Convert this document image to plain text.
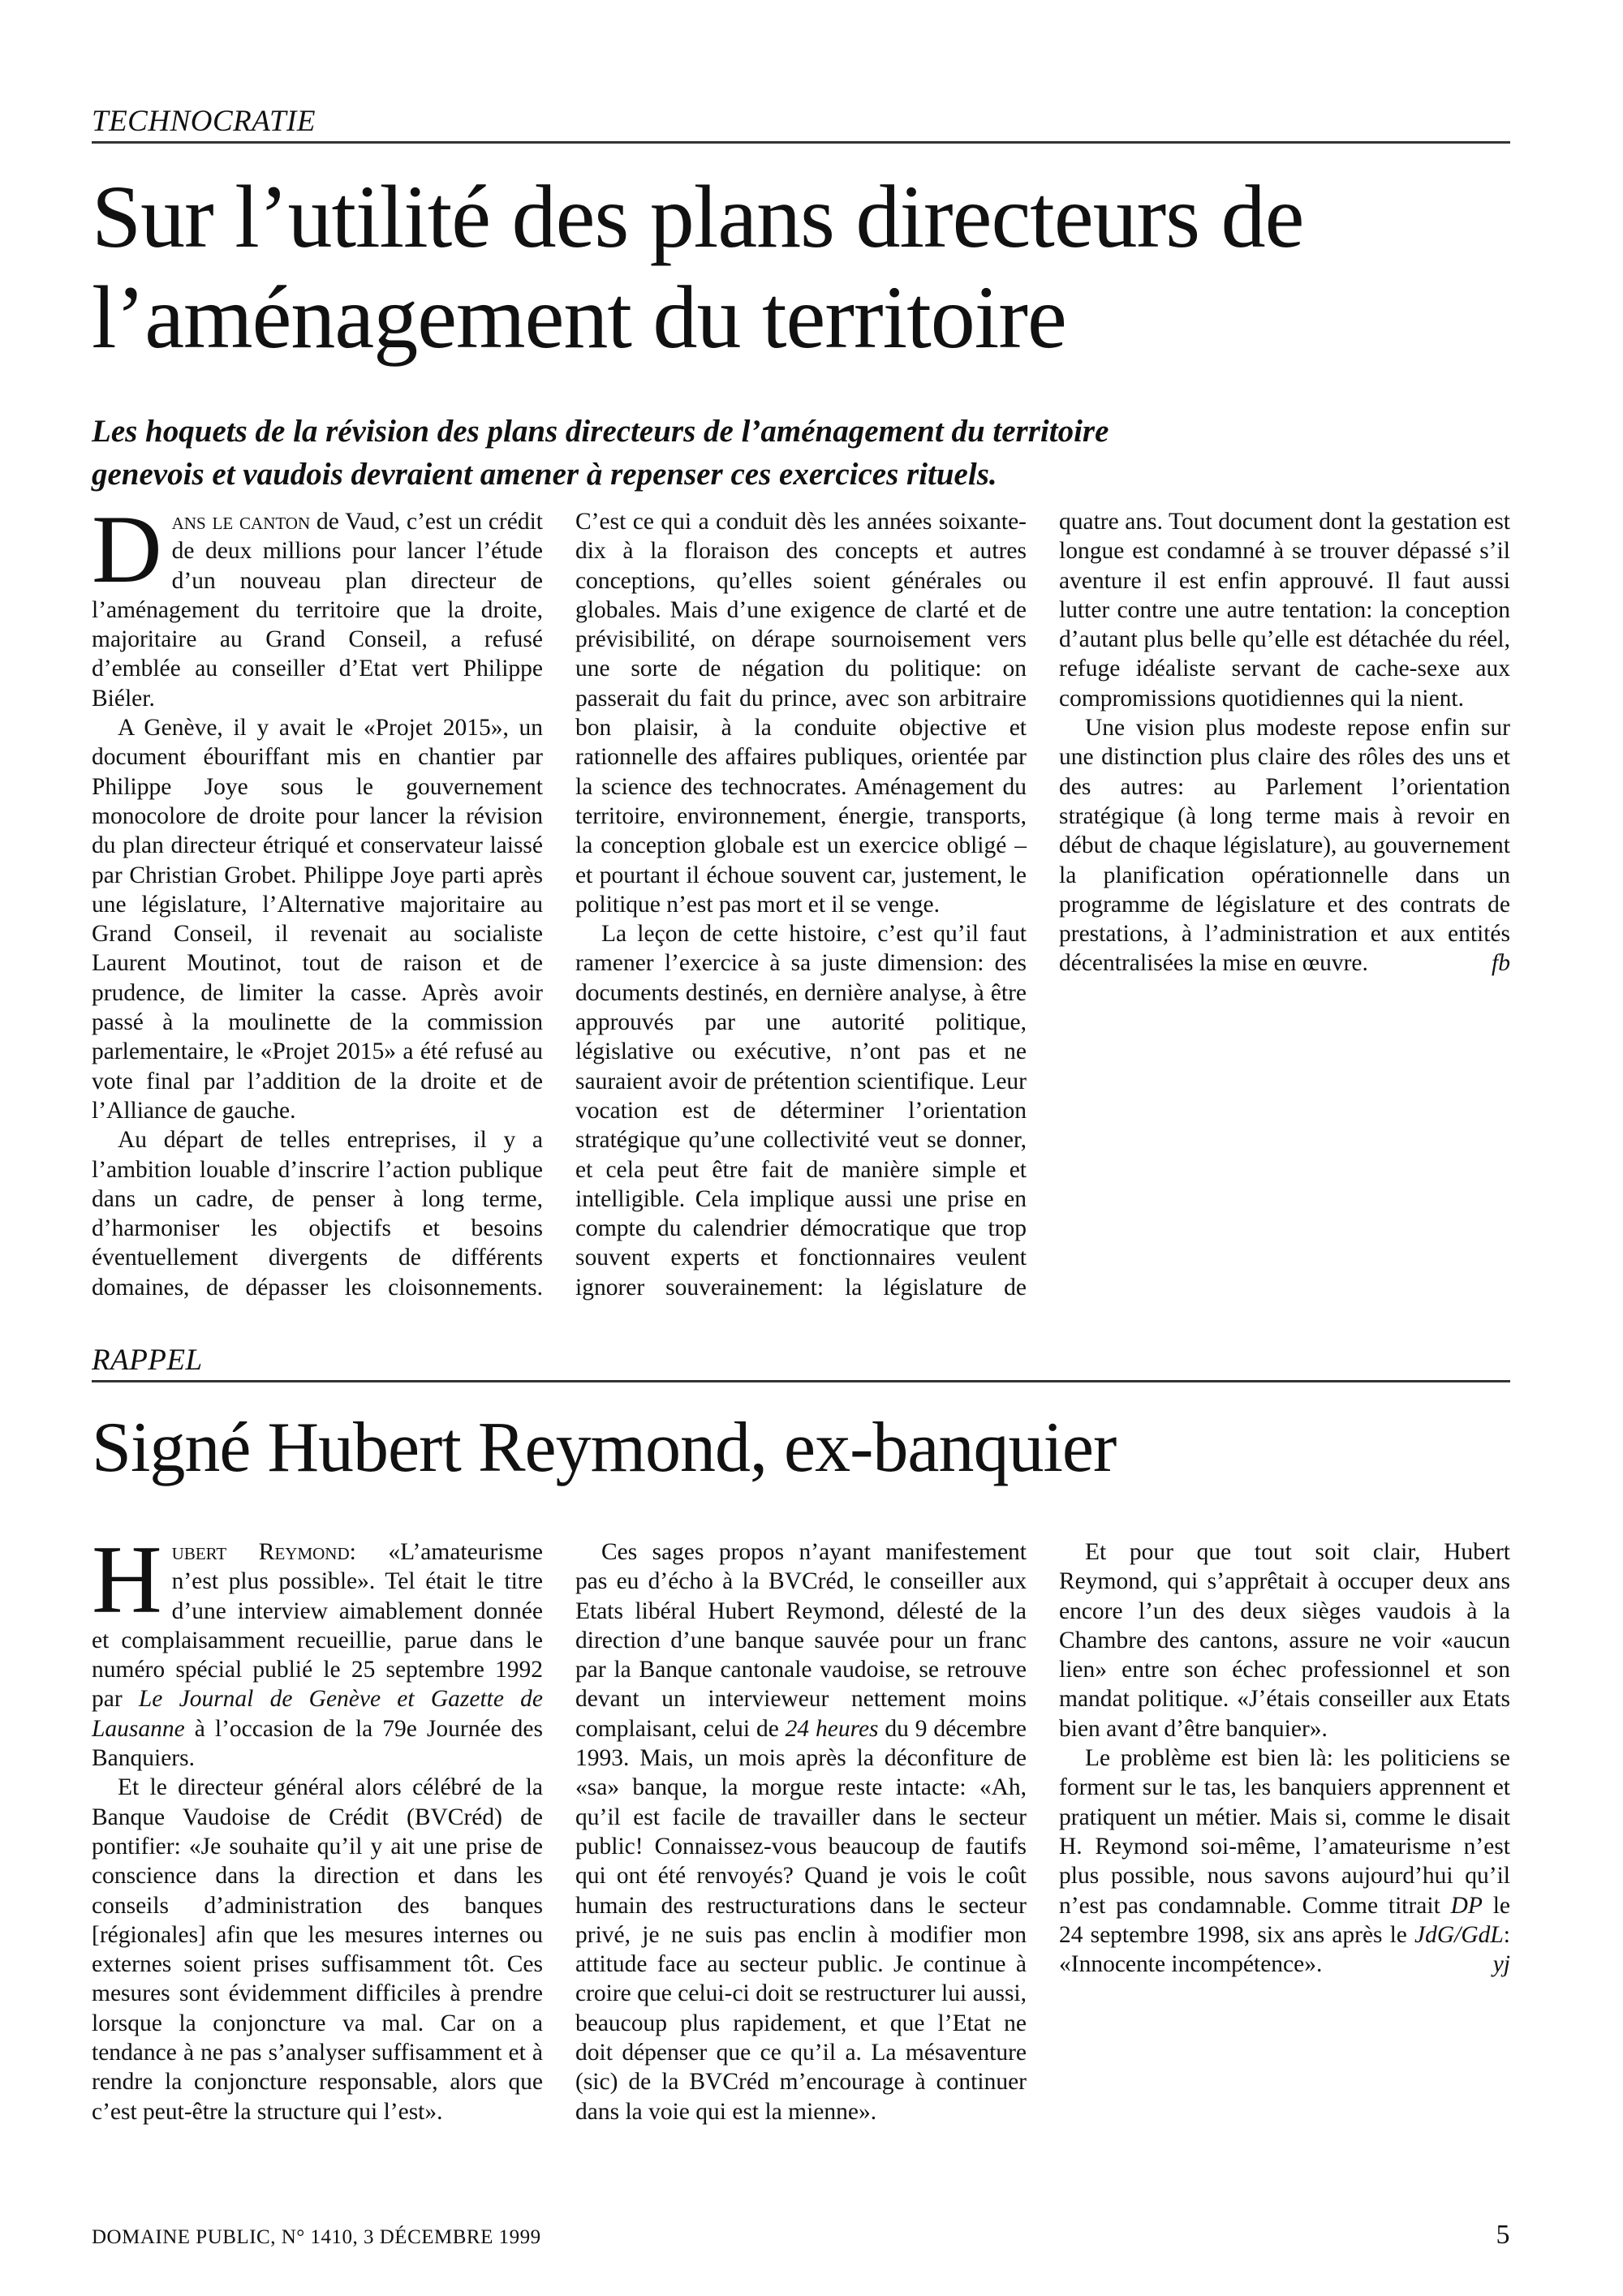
TECHNOCRATIE
Sur l’utilité des plans directeurs de
l’aménagement du territoire

Les hoquets de la révision des plans directeurs de l’aménagement du territoire
genevois et vaudois devraient amener à repenser ces exercices rituels.

Dans le canton de Vaud, c’est un crédit de deux millions pour lancer l’étude d’un nouveau plan directeur de l’aménagement du territoire que la droite, majoritaire au Grand Conseil, a refusé d’emblée au conseiller d’Etat vert Philippe Biéler.

A Genève, il y avait le «Projet 2015», un document ébouriffant mis en chantier par Philippe Joye sous le gouvernement monocolore de droite pour lancer la révision du plan directeur étriqué et conservateur laissé par Christian Grobet. Philippe Joye parti après une législature, l’Alternative majoritaire au Grand Conseil, il revenait au socialiste Laurent Moutinot, tout de raison et de prudence, de limiter la casse. Après avoir passé à la moulinette de la commission parlementaire, le «Projet 2015» a été refusé au vote final par l’addition de la droite et de l’Alliance de gauche.

Au départ de telles entreprises, il y a l’ambition louable d’inscrire l’action publique dans un cadre, de penser à long terme, d’harmoniser les objectifs et besoins éventuellement divergents de différents domaines, de dépasser les cloisonnements. C’est ce qui a conduit dès les années soixante-dix à la floraison des concepts et autres conceptions, qu’elles soient générales ou globales. Mais d’une exigence de clarté et de prévisibilité, on dérape sournoisement vers une sorte de négation du politique: on passerait du fait du prince, avec son arbitraire bon plaisir, à la conduite objective et rationnelle des affaires publiques, orientée par la science des technocrates. Aménagement du territoire, environnement, énergie, transports, la conception globale est un exercice obligé – et pourtant il échoue souvent car, justement, le politique n’est pas mort et il se venge.

La leçon de cette histoire, c’est qu’il faut ramener l’exercice à sa juste dimension: des documents destinés, en dernière analyse, à être approuvés par une autorité politique, législative ou exécutive, n’ont pas et ne sauraient avoir de prétention scientifique. Leur vocation est de déterminer l’orientation stratégique qu’une collectivité veut se donner, et cela peut être fait de manière simple et intelligible. Cela implique aussi une prise en compte du calendrier démocratique que trop souvent experts et fonctionnaires veulent ignorer souverainement: la législature de quatre ans. Tout document dont la gestation est longue est condamné à se trouver dépassé s’il aventure il est enfin approuvé. Il faut aussi lutter contre une autre tentation: la conception d’autant plus belle qu’elle est détachée du réel, refuge idéaliste servant de cache-sexe aux compromissions quotidiennes qui la nient.

Une vision plus modeste repose enfin sur une distinction plus claire des rôles des uns et des autres: au Parlement l’orientation stratégique (à long terme mais à revoir en début de chaque législature), au gouvernement la planification opérationnelle dans un programme de législature et des contrats de prestations, à l’administration et aux entités décentralisées la mise en œuvre.	fb

RAPPEL
Signé Hubert Reymond, ex-banquier

Hubert Reymond: «L’amateurisme n’est plus possible». Tel était le titre d’une interview aimablement donnée et complaisamment recueillie, parue dans le numéro spécial publié le 25 septembre 1992 par Le Journal de Genève et Gazette de Lausanne à l’occasion de la 79e Journée des Banquiers.

Et le directeur général alors célébré de la Banque Vaudoise de Crédit (BVCréd) de pontifier: «Je souhaite qu’il y ait une prise de conscience dans la direction et dans les conseils d’administration des banques [régionales] afin que les mesures internes ou externes soient prises suffisamment tôt. Ces mesures sont évidemment difficiles à prendre lorsque la conjoncture va mal. Car on a tendance à ne pas s’analyser suffisamment et à rendre la conjoncture responsable, alors que c’est peut-être la structure qui l’est».

Ces sages propos n’ayant manifestement pas eu d’écho à la BVCréd, le conseiller aux Etats libéral Hubert Reymond, délesté de la direction d’une banque sauvée pour un franc par la Banque cantonale vaudoise, se retrouve devant un intervieweur nettement moins complaisant, celui de 24 heures du 9 décembre 1993. Mais, un mois après la déconfiture de «sa» banque, la morgue reste intacte: «Ah, qu’il est facile de travailler dans le secteur public! Connaissez-vous beaucoup de fautifs qui ont été renvoyés? Quand je vois le coût humain des restructurations dans le secteur privé, je ne suis pas enclin à modifier mon attitude face au secteur public. Je continue à croire que celui-ci doit se restructurer lui aussi, beaucoup plus rapidement, et que l’Etat ne doit dépenser que ce qu’il a. La mésaventure (sic) de la BVCréd m’encourage à continuer dans la voie qui est la mienne».

Et pour que tout soit clair, Hubert Reymond, qui s’apprêtait à occuper deux ans encore l’un des deux sièges vaudois à la Chambre des cantons, assure ne voir «aucun lien» entre son échec professionnel et son mandat politique. «J’étais conseiller aux Etats bien avant d’être banquier».

Le problème est bien là: les politiciens se forment sur le tas, les banquiers apprennent et pratiquent un métier. Mais si, comme le disait H. Reymond soi-même, l’amateurisme n’est plus possible, nous savons aujourd’hui qu’il n’est pas condamnable. Comme titrait DP le 24 septembre 1998, six ans après le JdG/GdL: «Innocente incompétence».	yj

DOMAINE PUBLIC, N° 1410, 3 DÉCEMBRE 1999	5
